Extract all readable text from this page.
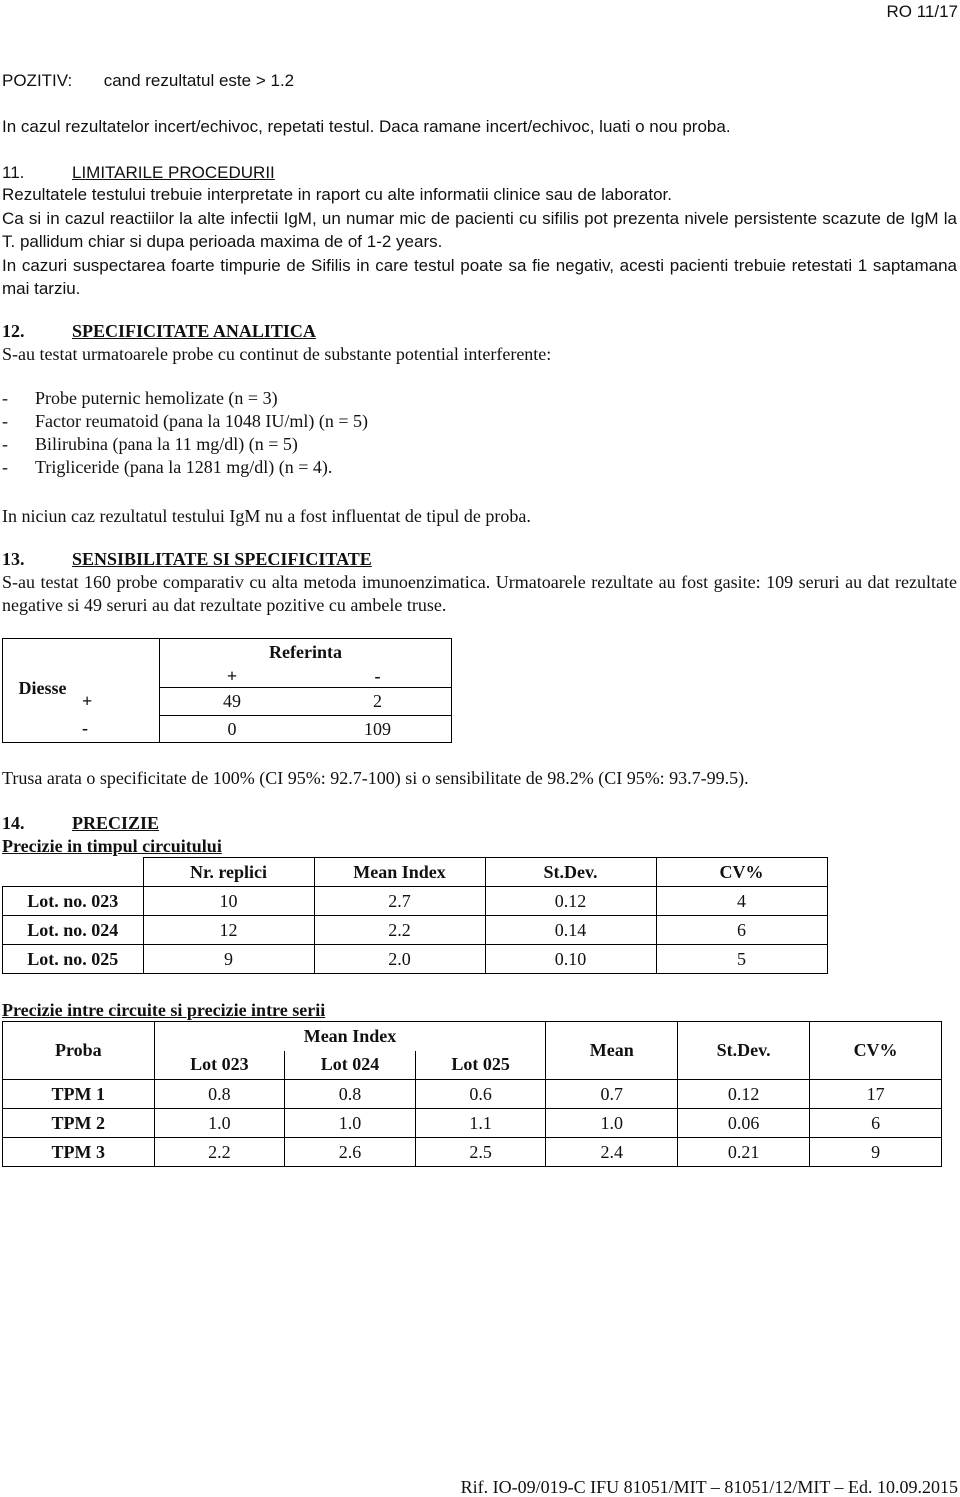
RO 11/17
POZITIV: cand rezultatul este > 1.2
In cazul rezultatelor incert/echivoc, repetati testul. Daca ramane incert/echivoc, luati o nou proba.
11.	LIMITARILE PROCEDURII
Rezultatele testului trebuie interpretate in raport cu alte informatii clinice sau de laborator.
Ca si in cazul reactiilor la alte infectii IgM, un numar mic de pacienti cu sifilis pot prezenta nivele persistente scazute de IgM la T. pallidum chiar si dupa perioada maxima de of 1-2 years.
In cazuri suspectarea foarte timpurie de Sifilis in care testul poate sa fie negativ, acesti pacienti trebuie retestati 1 saptamana mai tarziu.
12.	SPECIFICITATE ANALITICA
S-au testat urmatoarele probe cu continut de substante potential interferente:
- Probe puternic hemolizate (n = 3)
- Factor reumatoid (pana la 1048 IU/ml) (n = 5)
- Bilirubina (pana la 11 mg/dl) (n = 5)
- Trigliceride (pana la 1281 mg/dl) (n = 4).
In niciun caz rezultatul testului IgM nu a fost influentat de tipul de proba.
13.	SENSIBILITATE SI SPECIFICITATE
S-au testat 160 probe comparativ cu alta metoda imunoenzimatica. Urmatoarele rezultate au fost gasite: 109 seruri au dat rezultate negative si 49 seruri au dat rezultate pozitive cu ambele truse.
Diesse		Referinta	
		+	-
	+	49	2
	-	0	109
Trusa arata o specificitate de 100% (CI 95%: 92.7-100) si o sensibilitate de 98.2% (CI 95%: 93.7-99.5).
14.	PRECIZIE
Precizie in timpul circuitului
	Nr. replici	Mean Index	St.Dev.	CV%
Lot. no. 023	10	2.7	0.12	4
Lot. no. 024	12	2.2	0.14	6
Lot. no. 025	9	2.0	0.10	5
Precizie intre circuite si precizie intre serii
Proba	Mean Index			Mean	St.Dev.	CV%
	Lot 023	Lot 024	Lot 025			
TPM 1	0.8	0.8	0.6	0.7	0.12	17
TPM 2	1.0	1.0	1.1	1.0	0.06	6
TPM 3	2.2	2.6	2.5	2.4	0.21	9
Rif. IO-09/019-C IFU 81051/MIT – 81051/12/MIT – Ed. 10.09.2015
